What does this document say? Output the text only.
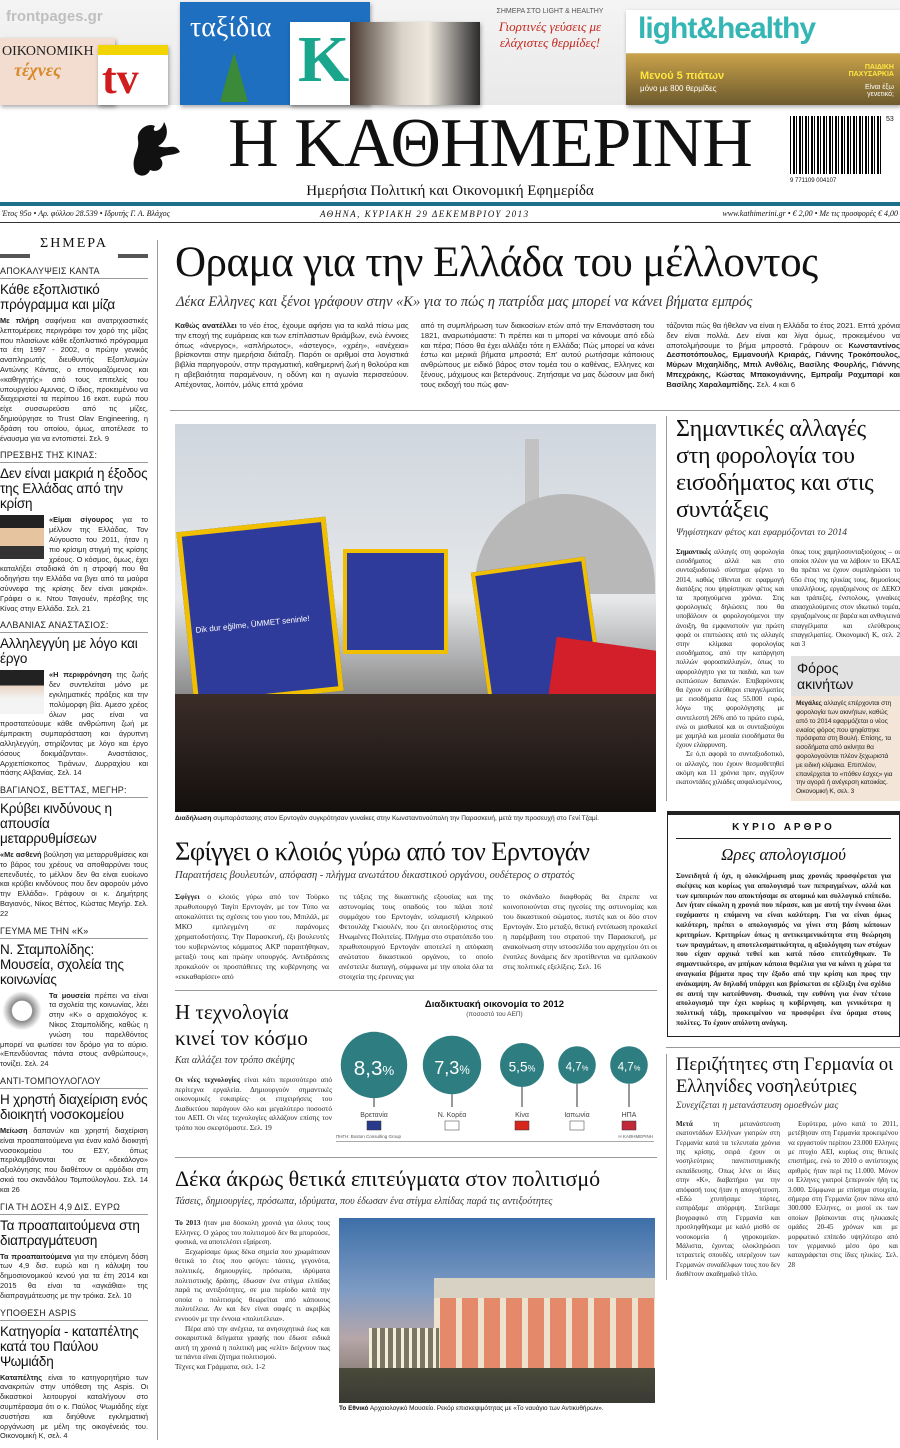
frontpages.gr
ΟΙΚΟΝΟΜΙΚΗ
τέχνες tv
ταξίδια K
ΣΗΜΕΡΑ ΣΤΟ LIGHT & HEALTHY
Γιορτινές γεύσεις με ελάχιστες θερμίδες!	light&healthy
Μενού 5 πιάτων
μόνο με 800 θερμίδες
ΠΑΙΔΙΚΗ ΠΑΧΥΣΑΡΚΙΑ
Είναι έξω γενετικό;
Η ΚΑΘΗΜΕΡΙΝΗ
Ημερήσια Πολιτική και Οικονομική Εφημερίδα
9 771109 004107
53
Έτος 95ο • Αρ. φύλλου 28.539 • Ιδρυτής Γ. Α. Βλάχος	ΑΘΗΝΑ, ΚΥΡΙΑΚΗ 29 ΔΕΚΕΜΒΡΙΟΥ 2013	www.kathimerini.gr • € 2,00 • Με τις προσφορές € 4,00
ΣΗΜΕΡΑ
ΑΠΟΚΑΛΥΨΕΙΣ ΚΑΝΤΑ
Κάθε εξοπλιστικό πρόγραμμα και μίζα
Με πλήρη σαφήνεια και ανατριχιαστικές λεπτομέρειες περιγράφει τον χορό της μίζας που πλαισίωνε κάθε εξοπλιστικό πρόγραμμα τα έτη 1997 - 2002, ο πρώην γενικός αναπληρωτής διευθυντής Εξοπλισμών Αντώνης Κάντας, ο επονομαζόμενος και «καθηγητής» από τους επιτελείς του υπουργείου Αμυνας. Ο ίδιος, προκειμένου να διαχειριστεί τα περίπου 16 εκατ. ευρώ που είχε συσσωρεύσει από τις μίζες, δημιούργησε το Trust Olav Engineering, η δράση του οποίου, όμως, αποτέλεσε το έναυσμα για να εντοπιστεί. Σελ. 9
ΠΡΕΣΒΗΣ ΤΗΣ ΚΙΝΑΣ:
Δεν είναι μακριά η έξοδος της Ελλάδας από την κρίση
«Είμαι σίγουρος για το μέλλον της Ελλάδας. Τον Αύγουστο του 2011, ήταν η πιο κρίσιμη στιγμή της κρίσης χρέους. Ο κόσμος, όμως, έχει καταλήξει σταδιακά ότι η στροφή που θα οδηγήσει την Ελλάδα να βγει από τα μαύρα σύννεφα της κρίσης δεν είναι μακριά». Γράφει ο κ. Ντου Τσιγουέν, πρέσβης της Κίνας στην Ελλάδα. Σελ. 21
ΑΛΒΑΝΙΑΣ ΑΝΑΣΤΑΣΙΟΣ:
Αλληλεγγύη με λόγο και έργο
«Η περιφρόνηση της ζωής δεν συντελείται μόνο με εγκληματικές πράξεις και την πολύμορφη βία. Αμεσο χρέος όλων μας είναι να προστατεύουμε κάθε ανθρώπινη ζωή με έμπρακτη συμπαράσταση και άγρυπνη αλληλεγγύη, στηρίζοντας με λόγο και έργο όσους δοκιμάζονται». Αναστάσιος, Αρχιεπίσκοπος Τιράνων, Δυρραχίου και πάσης Αλβανίας. Σελ. 14
ΒΑΓΙΑΝΟΣ, ΒΕΤΤΑΣ, ΜΕΓΗΡ:
Κρύβει κινδύνους η απουσία μεταρρυθμίσεων
«Με ασθενή βούληση για μεταρρυθμίσεις και το βάρος του χρέους να αποθαρρύνει τους επενδυτές, το μέλλον δεν θα είναι ευοίωνο και κρύβει κινδύνους που δεν αφορούν μόνο την Ελλάδα». Γράφουν οι κ. Δημήτρης Βαγιανός, Νίκος Βέττος, Κώστας Μεγήρ. Σελ. 22
ΓΕΥΜΑ ΜΕ ΤΗΝ «Κ»
Ν. Σταμπολίδης: Μουσεία, σχολεία της κοινωνίας
Τα μουσεία πρέπει να είναι τα σχολεία της κοινωνίας, λέει στην «Κ» ο αρχαιολόγος κ. Νίκος Σταμπολίδης, καθώς η γνώση του παρελθόντος μπορεί να φωτίσει τον δρόμο για το αύριο. «Επενδύοντας πάντα στους ανθρώπους», τονίζει. Σελ. 24
ΑΝΤΙ-ΤΟΜΠΟΥΛΟΓΛΟΥ
Η χρηστή διαχείριση ενός διοικητή νοσοκομείου
Μείωση δαπανών και χρηστή διαχείριση είναι προαπαιτούμενα για έναν καλό διοικητή νοσοκομείου του ΕΣΥ, όπως περιλαμβάνονται σε «δεκάλογο» αξιολόγησης που διαθέτουν οι αρμόδιοι στη σκιά του σκανδάλου Τομπούλογλου. Σελ. 14 και 26
ΓΙΑ ΤΗ ΔΟΣΗ 4,9 ΔΙΣ. ΕΥΡΩ
Τα προαπαιτούμενα στη διαπραγμάτευση
Τα προαπαιτούμενα για την επόμενη δόση των 4,9 δισ. ευρώ και η κάλυψη του δημοσιονομικού κενού για τα έτη 2014 και 2015 θα είναι τα «αγκάθια» της διαπραγμάτευσης με την τρόικα. Σελ. 10
ΥΠΟΘΕΣΗ ASPIS
Κατηγορία - καταπέλτης κατά του Παύλου Ψωμιάδη
Καταπέλτης είναι το κατηγορητήριο των ανακριτών στην υπόθεση της Aspis. Οι δικαστικοί λειτουργοί καταλήγουν στο συμπέρασμα ότι ο κ. Παύλος Ψωμιάδης είχε συστήσει και διηύθυνε εγκληματική οργάνωση με μέλη της οικογένειάς του. Οικονομική Κ, σελ. 4
Οραμα για την Ελλάδα του μέλλοντος
Δέκα Ελληνες και ξένοι γράφουν στην «Κ» για το πώς η πατρίδα μας μπορεί να κάνει βήματα εμπρός
Καθώς ανατέλλει το νέο έτος, έχουμε αφήσει για τα καλά πίσω μας την εποχή της ευμάρειας και των επίπλαστων θριάμβων, ενώ έννοιες όπως «άνεργος», «απλήρωτος», «άστεγος», «χρέη», «ανέχεια» βρίσκονται στην ημερήσια διάταξη. Παρότι οι αριθμοί στα λογιστικά βιβλία παρηγορούν, στην πραγματική, καθημερινή ζωή η θολούρα και η αβεβαιότητα παραμένουν, η οδύνη και η αγωνία περισσεύουν. Απέχοντας, λοιπόν, μόλις επτά χρόνια
από τη συμπλήρωση των διακοσίων ετών από την Επανάσταση του 1821, αναρωτιόμαστε: Τι πρέπει και τι μπορεί να κάνουμε από εδώ και πέρα; Πόσο θα έχει αλλάξει τότε η Ελλάδα; Πώς μπορεί να κάνει έστω και μερικά βήματα μπροστά; Επ' αυτού ρωτήσαμε κάποιους ανθρώπους με ειδικό βάρος στον τομέα του ο καθένας, Ελληνες και ξένους, μάχιμους και βετεράνους. Ζητήσαμε να μας δώσουν μια δική τους εκδοχή του πώς φαν-
τάζονται πώς θα ήθελαν να είναι η Ελλάδα το έτος 2021. Επτά χρόνια δεν είναι πολλά. Δεν είναι και λίγα όμως, προκειμένου να αποτολμήσουμε το βήμα μπροστά. Γράφουν οι: Κωνσταντίνος Δεσποτόπουλος, Εμμανουήλ Κριαράς, Γιάννης Τροκόπουλος, Μύρων Μιχαηλίδης, Μπιλ Ανθόλις, Βασίλης Φουρλής, Γιάννης Μπεχράκης, Κώστας Μπακογιάννης, Εμπραΐμ Ραχμπαρί και Βασίλης Χαραλαμπίδης. Σελ. 4 και 6
Dik dur eğilme, ÜMMET seninle!
Διαδήλωση συμπαράστασης στον Ερντογάν συγκρότησαν γυναίκες στην Κωνσταντινούπολη την Παρασκευή, μετά την προσευχή στο Γενί Τζαμί.
Σφίγγει ο κλοιός γύρω από τον Ερντογάν
Παραιτήσεις βουλευτών, απόφαση - πλήγμα ανωτάτου δικαστικού οργάνου, ουδέτερος ο στρατός
Σφίγγει ο κλοιός γύρω από τον Τούρκο πρωθυπουργό Ταγίπ Ερντογάν, με τον Τύπο να αποκαλύπτει τις σχέσεις του γιου του, Μπιλάλ, με ΜΚΟ εμπλεγμένη σε παράνομες χρηματοδοτήσεις. Την Παρασκευή, έξι βουλευτές του κυβερνώντος κόμματος ΑΚΡ παραιτήθηκαν, μεταξύ τους και πρώην υπουργός. Αντιδράσεις προκαλούν οι προσπάθειες της κυβέρνησης να «εκκαθαρίσει» από
τις τάξεις της δικαστικής εξουσίας και της αστυνομίας τους οπαδούς του πάλαι ποτέ συμμάχου του Ερντογάν, ισλαμιστή κληρικού Φετουλάχ Γκιουλέν, που ζει αυτοεξόριστος στις Ηνωμένες Πολιτείες. Πλήγμα στο στρατόπεδο του πρωθυπουργού Ερντογάν αποτελεί η απόφαση ανώτατου δικαστικού οργάνου, το οποίο ανέστειλε διαταγή, σύμφωνα με την οποία όλα τα στοιχεία της έρευνας για
το σκάνδαλο διαφθοράς θα έπρεπε να κοινοποιούνται στις ηγεσίες της αστυνομίας και του δικαστικού σώματος, πιστές και οι δύο στον Ερντογάν. Στο μεταξύ, θετική εντύπωση προκαλεί η παρέμβαση του στρατού την Παρασκευή, με ανακοίνωση στην ιστοσελίδα του αρχηγείου ότι οι ένοπλες δυνάμεις δεν προτίθενται να εμπλακούν στις πολιτικές εξελίξεις. Σελ. 16
Η τεχνολογία κινεί τον κόσμο
Και αλλάζει τον τρόπο σκέψης
Οι νέες τεχνολογίες είναι κάτι περισσότερο από περίτεχνα εργαλεία. Δημιουργούν σημαντικές οικονομικές ευκαιρίες· οι επιχειρήσεις του Διαδικτύου παράγουν όλο και μεγαλύτερο ποσοστό του ΑΕΠ. Οι νέες τεχνολογίες αλλάζουν επίσης τον τρόπο που σκεφτόμαστε. Σελ. 19
Διαδικτυακή οικονομία το 2012
(ποσοστό του ΑΕΠ)
8,3%
Βρετανία
7,3%
Ν. Κορέα
5,5%
Κίνα
4,7%
Ιαπωνία
4,7%
ΗΠΑ
ΠΗΓΗ: Boston Consulting Group	Η ΚΑΘΗΜΕΡΙΝΗ
Δέκα άκρως θετικά επιτεύγματα στον πολιτισμό
Τάσεις, δημιουργίες, πρόσωπα, ιδρύματα, που έδωσαν ένα στίγμα ελπίδας παρά τις αντιξοότητες
Το 2013 ήταν μια δύσκολη χρονιά για όλους τους Ελληνες. Ο χώρος του πολιτισμού δεν θα μπορούσε, φυσικά, να αποτελέσει εξαίρεση.
Ξεχωρίσαμε όμως δέκα σημεία που χρωμάτισαν θετικά το έτος που φεύγει: τάσεις, γεγονότα, πολιτικές, δημιουργίες, πρόσωπα, ιδρύματα πολιτιστικής δράσης, έδωσαν ένα στίγμα ελπίδας παρά τις αντιξοότητες, σε μια περίοδο κατά την οποία ο πολιτισμός θεωρείται από κάποιους πολυτέλεια. Αν και δεν είναι σαφές τι ακριβώς εννοούν με την έννοια «πολυτέλεια».
Πέρα από την ανέχεια, τα ανησυχητικά έως και σοκαριστικά δείγματα γραφής που έδωσε ειδικά αυτή τη χρονιά η πολιτική μας «ελίτ» δείχνουν πως τα πάντα είναι ζήτημα πολιτισμού.
Τέχνες και Γράμματα, σελ. 1-2
Το Εθνικό Αρχαιολογικό Μουσείο. Ρεκόρ επισκεψιμότητας με «Το ναυάγιο των Αντικυθήρων».
Σημαντικές αλλαγές στη φορολογία του εισοδήματος και στις συντάξεις
Ψηφίστηκαν φέτος και εφαρμόζονται το 2014
Σημαντικές αλλαγές στη φορολογία εισοδήματος αλλά και στο συνταξιοδοτικό σύστημα φέρνει το 2014, καθώς τίθενται σε εφαρμογή διατάξεις που ψηφίστηκαν φέτος και τα προηγούμενα χρόνια. Στις φορολογικές δηλώσεις που θα υποβάλουν οι φορολογούμενοι την άνοιξη, θα εμφανιστούν για πρώτη φορά οι επιπτώσεις από τις αλλαγές στην κλίμακα φορολογίας εισοδήματος, από την κατάργηση πολλών φοροαπαλλαγών, όπως το αφορολόγητο για τα παιδιά, και των εκπτώσεων δαπανών. Επιβαρύνσεις θα έχουν οι ελεύθεροι επαγγελματίες με εισοδήματα έως 55.000 ευρώ, λόγω της φορολόγησης με συντελεστή 26% από το πρώτο ευρώ, ενώ οι μισθωτοί και οι συνταξιούχοι με χαμηλά και μεσαία εισοδήματα θα έχουν ελάφρυνση.
Σε ό,τι αφορά το συνταξιοδοτικό, οι αλλαγές, που έχουν θεσμοθετηθεί ακόμη και 11 χρόνια πριν, αγγίζουν εκατοντάδες χιλιάδες ασφαλισμένους,
όπως τους χαμηλοσυνταξιούχους – οι οποίοι πλέον για να λάβουν το ΕΚΑΣ θα πρέπει να έχουν συμπληρώσει το 65ο έτος της ηλικίας τους, δημοσίους υπαλλήλους, εργαζομένους σε ΔΕΚΟ και τράπεζες, ένστολους, γυναίκες απασχολούμενες στον ιδιωτικό τομέα, εργαζομένους σε βαρέα και ανθυγιεινά επαγγέλματα και ελεύθερους επαγγελματίες. Οικονομική Κ, σελ. 2 και 3
Φόρος ακινήτων
Μεγάλες αλλαγές επέρχονται στη φορολογία των ακινήτων, καθώς από το 2014 εφαρμόζεται ο νέος ενιαίος φόρος που ψηφίστηκε πρόσφατα στη Βουλή. Επίσης, τα εισοδήματα από ακίνητα θα φορολογούνται πλέον ξεχωριστά με ειδική κλίμακα. Επιπλέον, επανέρχεται το «πόθεν έσχες» για την αγορά ή ανέγερση κατοικίας. Οικονομική Κ, σελ. 3
ΚΥΡΙΟ ΑΡΘΡΟ
Ωρες απολογισμού
Συνειδητά ή όχι, η ολοκλήρωση μιας χρονιάς προσφέρεται για σκέψεις και κυρίως για απολογισμό των πεπραγμένων, αλλά και των εμπειριών που αποκτήσαμε σε ατομικό και συλλογικό επίπεδο. Δεν ήταν εύκολη η χρονιά που πέρασε, και με αυτή την έννοια όλοι ευχόμαστε η επόμενη να είναι καλύτερη. Για να είναι όμως καλύτερη, πρέπει ο απολογισμός να γίνει στη βάση κάποιων κριτηρίων. Κριτηρίων όπως η αντικειμενικότητα στη θεώρηση των πραγμάτων, η αποτελεσματικότητα, η αξιολόγηση των στόχων που είχαν αρχικά τεθεί και κατά πόσο επιτεύχθηκαν. Το σημαντικότερο, αν μπήκαν κάποια θεμέλια για να κάνει η χώρα τα αναγκαία βήματα προς την έξοδο από την κρίση και προς την ανάκαμψη. Αν δηλαδή υπάρχει και βρίσκεται σε εξέλιξη ένα σχέδιο σε αυτή την κατεύθυνση. Φυσικά, την ευθύνη για έναν τέτοιο απολογισμό την έχει κυρίως η κυβέρνηση, και γενικότερα η πολιτική τάξη, προκειμένου να προσφέρει ένα όραμα στους πολίτες. Το έχουν απόλυτη ανάγκη.
Περιζήτητες στη Γερμανία οι Ελληνίδες νοσηλεύτριες
Συνεχίζεται η μετανάστευση ομοεθνών μας
Μετά τη μετανάστευση εκατοντάδων Ελλήνων γιατρών στη Γερμανία κατά τα τελευταία χρόνια της κρίσης, σειρά έχουν οι νοσηλεύτριες πανεπιστημιακής εκπαίδευσης. Οπως λένε οι ίδιες στην «Κ», διαβατήριο για την απόφασή τους ήταν η απογοήτευση. «Εδώ χτυπήσαμε πόρτες, εισπράξαμε απόρριψη. Στείλαμε βιογραφικό στη Γερμανία και προσληφθήκαμε με καλό μισθό σε νοσοκομεία ή γηροκομεία». Μάλιστα, έχοντας ολοκληρώσει τετραετείς σπουδές, υπερέχουν των Γερμανών συναδέλφων τους που δεν διαθέτουν ακαδημαϊκό τίτλο.
Ευρύτερα, μόνο κατά το 2011, μετέβησαν στη Γερμανία προκειμένου να εργαστούν περίπου 23.000 Ελληνες με πτυχίο ΑΕΙ, κυρίως στις θετικές επιστήμες, ενώ το 2010 ο αντίστοιχος αριθμός ήταν περί τις 11.000. Μόνον οι Ελληνες γιατροί ξεπερνούν ήδη τις 3.000. Σύμφωνα με επίσημα στοιχεία, σήμερα στη Γερμανία ζουν πάνω από 300.000 Ελληνες, οι μισοί εκ των οποίων βρίσκονται στις ηλικιακές ομάδες 20-45 χρόνων και με μορφωτικό επίπεδο υψηλότερο από τον γερμανικό μέσο όρο και καταγράφεται στις ίδιες ηλικίες. Σελ. 28
